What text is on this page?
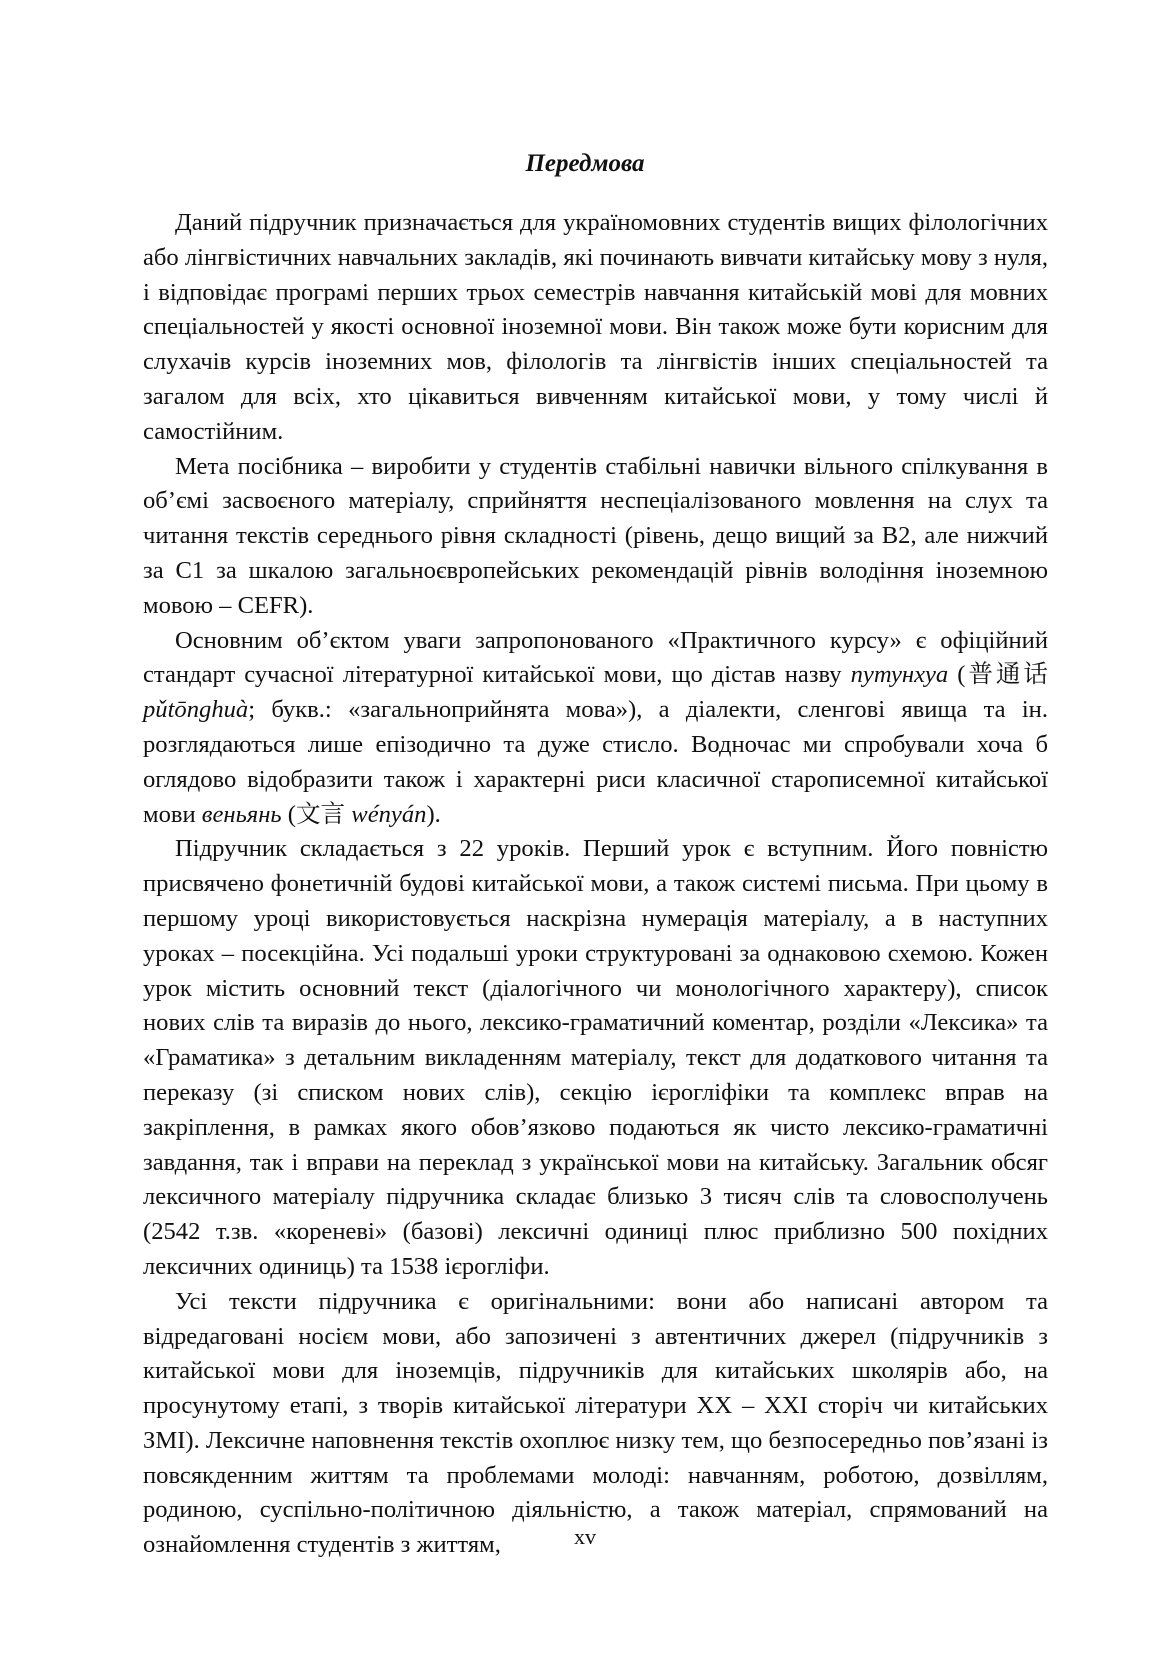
Передмова

Даний підручник призначається для україномовних студентів вищих філологічних або лінгвістичних навчальних закладів, які починають вивчати китайську мову з нуля, і відповідає програмі перших трьох семестрів навчання китайській мові для мовних спеціальностей у якості основної іноземної мови. Він також може бути корисним для слухачів курсів іноземних мов, філологів та лінгвістів інших спеціальностей та загалом для всіх, хто цікавиться вивченням китайської мови, у тому числі й самостійним.

Мета посібника – виробити у студентів стабільні навички вільного спілкування в об’ємі засвоєного матеріалу, сприйняття неспеціалізованого мовлення на слух та читання текстів середнього рівня складності (рівень, дещо вищий за B2, але нижчий за C1 за шкалою загальноєвропейських рекомендацій рівнів володіння іноземною мовою – CEFR).

Основним об’єктом уваги запропонованого «Практичного курсу» є офіційний стандарт сучасної літературної китайської мови, що дістав назву путунхуа (普通话 pǔtōnghuà; букв.: «загальноприйнята мова»), а діалекти, сленгові явища та ін. розглядаються лише епізодично та дуже стисло. Водночас ми спробували хоча б оглядово відобразити також і характерні риси класичної старописемної китайської мови веньянь (文言 wényán).

Підручник складається з 22 уроків. Перший урок є вступним. Його повністю присвячено фонетичній будові китайської мови, а також системі письма. При цьому в першому уроці використовується наскрізна нумерація матеріалу, а в наступних уроках – посекційна. Усі подальші уроки структуровані за однаковою схемою. Кожен урок містить основний текст (діалогічного чи монологічного характеру), список нових слів та виразів до нього, лексико-граматичний коментар, розділи «Лексика» та «Граматика» з детальним викладенням матеріалу, текст для додаткового читання та переказу (зі списком нових слів), секцію ієрогліфіки та комплекс вправ на закріплення, в рамках якого обов’язково подаються як чисто лексико-граматичні завдання, так і вправи на переклад з української мови на китайську. Загальник обсяг лексичного матеріалу підручника складає близько 3 тисяч слів та словосполучень (2542 т.зв. «кореневі» (базові) лексичні одиниці плюс приблизно 500 похідних лексичних одиниць) та 1538 ієрогліфи.

Усі тексти підручника є оригінальними: вони або написані автором та відредаговані носієм мови, або запозичені з автентичних джерел (підручників з китайської мови для іноземців, підручників для китайських школярів або, на просунутому етапі, з творів китайської літератури XX – XXI сторіч чи китайських ЗМІ). Лексичне наповнення текстів охоплює низку тем, що безпосередньо пов’язані із повсякденним життям та проблемами молоді: навчанням, роботою, дозвіллям, родиною, суспільно-політичною діяльністю, а також матеріал, спрямований на ознайомлення студентів з життям,	xv
